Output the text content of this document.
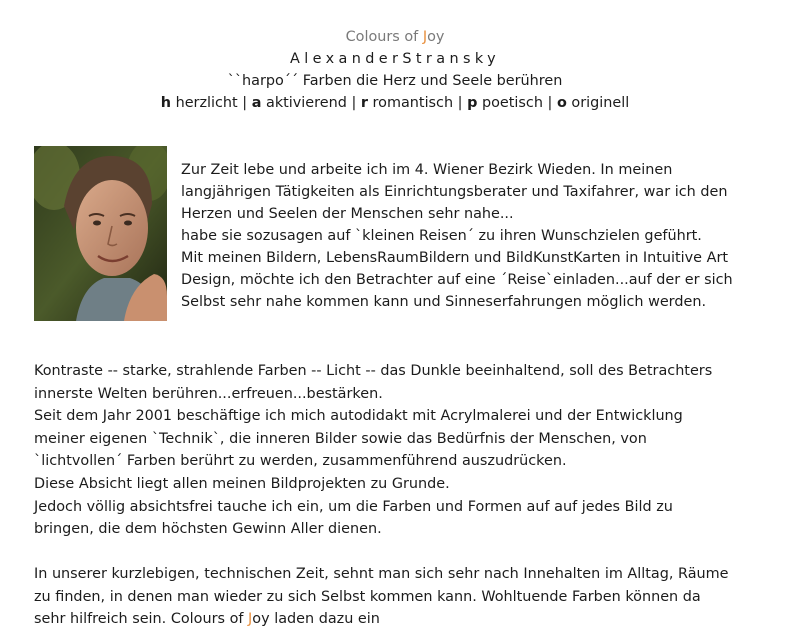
Colours of Joy
AlexanderStransky
``harpo´´ Farben die Herz und Seele berühren
h herzlicht | a aktivierend | r romantisch | p poetisch | o originell
Zur Zeit lebe und arbeite ich im 4. Wiener Bezirk Wieden. In meinen
langjährigen Tätigkeiten als Einrichtungsberater und Taxifahrer, war ich den
Herzen und Seelen der Menschen sehr nahe...
habe sie sozusagen auf `kleinen Reisen´ zu ihren Wunschzielen geführt.
Mit meinen Bildern, LebensRaumBildern und BildKunstKarten in Intuitive Art
Design, möchte ich den Betrachter auf eine ´Reise`einladen...auf der er sich
Selbst sehr nahe kommen kann und Sinneserfahrungen möglich werden.
Kontraste -- starke, strahlende Farben -- Licht -- das Dunkle beeinhaltend, soll des Betrachters
innerste Welten berühren...erfreuen...bestärken.
Seit dem Jahr 2001 beschäftige ich mich autodidakt mit Acrylmalerei und der Entwicklung
meiner eigenen `Technik`, die inneren Bilder sowie das Bedürfnis der Menschen, von
`lichtvollen´ Farben berührt zu werden, zusammenführend auszudrücken.
Diese Absicht liegt allen meinen Bildprojekten zu Grunde.
Jedoch völlig absichtsfrei tauche ich ein, um die Farben und Formen auf auf jedes Bild zu
bringen, die dem höchsten Gewinn Aller dienen.
In unserer kurzlebigen, technischen Zeit, sehnt man sich sehr nach Innehalten im Alltag, Räume
zu finden, in denen man wieder zu sich Selbst kommen kann. Wohltuende Farben können da
sehr hilfreich sein. Colours of Joy laden dazu ein
